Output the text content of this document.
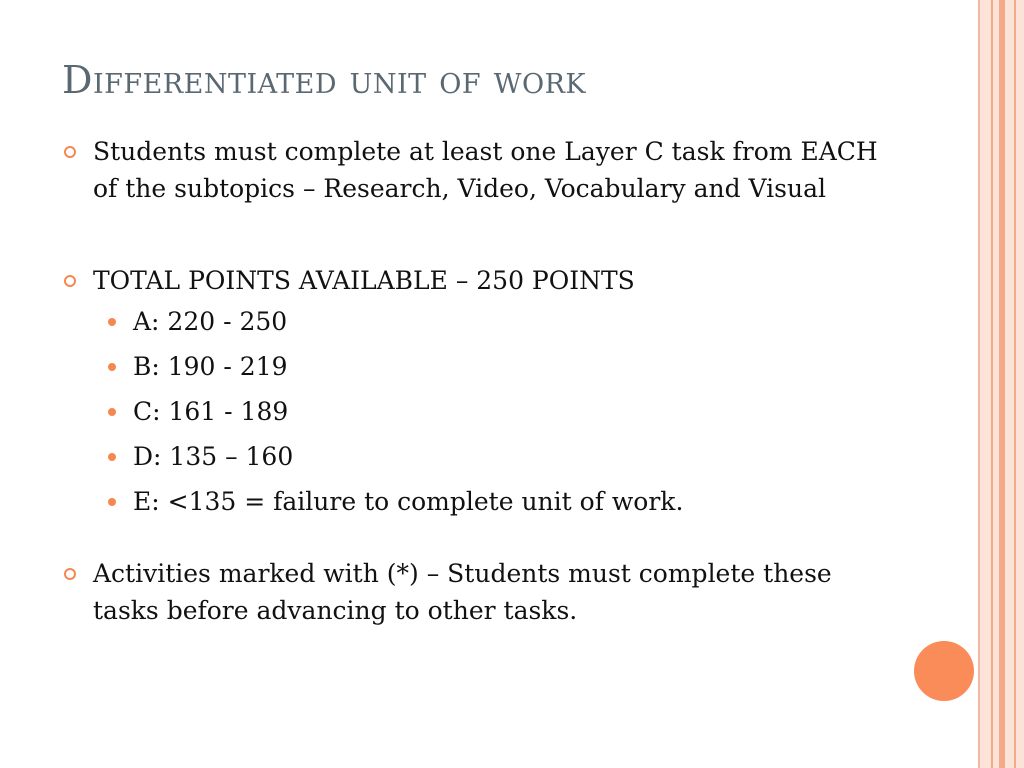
Differentiated unit of work

Students must complete at least one Layer C task from EACH of the subtopics – Research, Video, Vocabulary and Visual

TOTAL POINTS AVAILABLE – 250 POINTS

A: 220 - 250

B: 190 - 219

C: 161 - 189

D: 135 – 160

E: <135 = failure to complete unit of work.

Activities marked with (*) – Students must complete these tasks before advancing to other tasks.
